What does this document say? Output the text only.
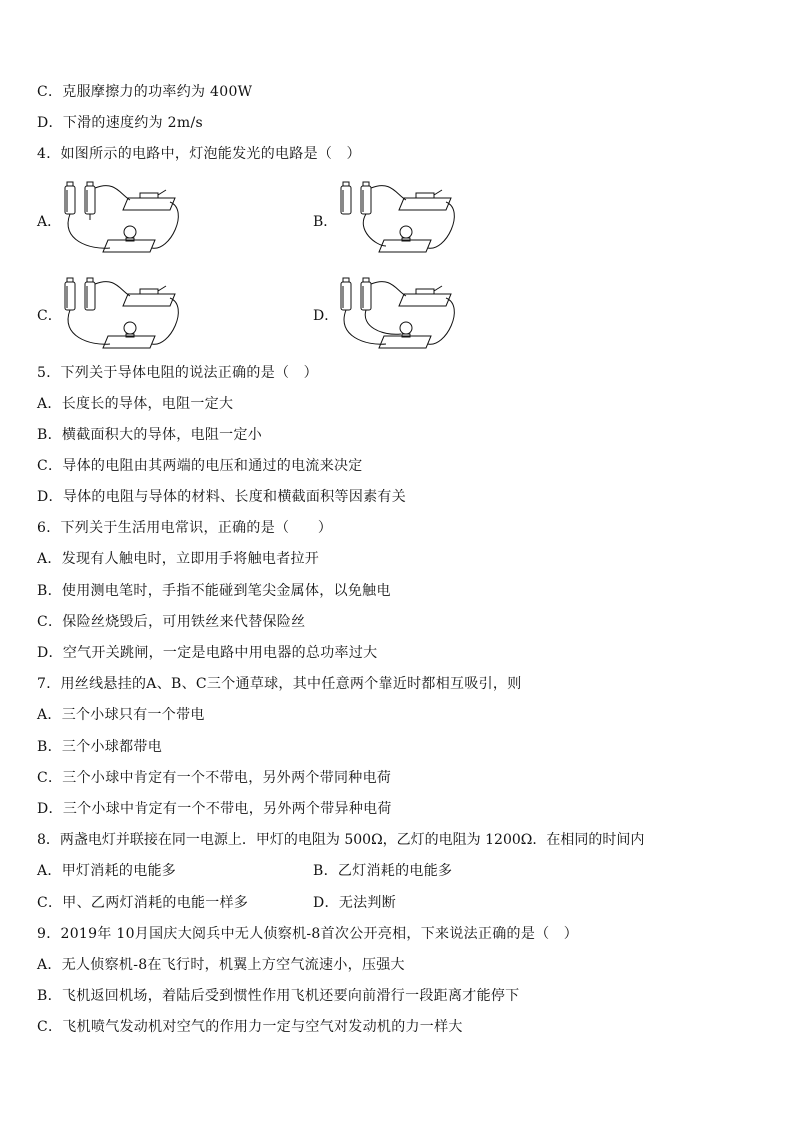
C．克服摩擦力的功率约为 400W
D．下滑的速度约为 2m/s
4．如图所示的电路中，灯泡能发光的电路是（　）
A．	B．
C．	D．
5．下列关于导体电阻的说法正确的是（　）
A．长度长的导体，电阻一定大
B．横截面积大的导体，电阻一定小
C．导体的电阻由其两端的电压和通过的电流来决定
D．导体的电阻与导体的材料、长度和横截面积等因素有关
6．下列关于生活用电常识，正确的是（　　）
A．发现有人触电时，立即用手将触电者拉开
B．使用测电笔时，手指不能碰到笔尖金属体，以免触电
C．保险丝烧毁后，可用铁丝来代替保险丝
D．空气开关跳闸，一定是电路中用电器的总功率过大
7．用丝线悬挂的A、B、C三个通草球，其中任意两个靠近时都相互吸引，则
A．三个小球只有一个带电
B．三个小球都带电
C．三个小球中肯定有一个不带电，另外两个带同种电荷
D．三个小球中肯定有一个不带电，另外两个带异种电荷
8．两盏电灯并联接在同一电源上．甲灯的电阻为 500Ω，乙灯的电阻为 1200Ω．在相同的时间内
A．甲灯消耗的电能多	B．乙灯消耗的电能多
C．甲、乙两灯消耗的电能一样多	D．无法判断
9．2019年 10月国庆大阅兵中无人侦察机-8首次公开亮相，下来说法正确的是（　）
A．无人侦察机-8在飞行时，机翼上方空气流速小，压强大
B．飞机返回机场，着陆后受到惯性作用飞机还要向前滑行一段距离才能停下
C．飞机喷气发动机对空气的作用力一定与空气对发动机的力一样大
